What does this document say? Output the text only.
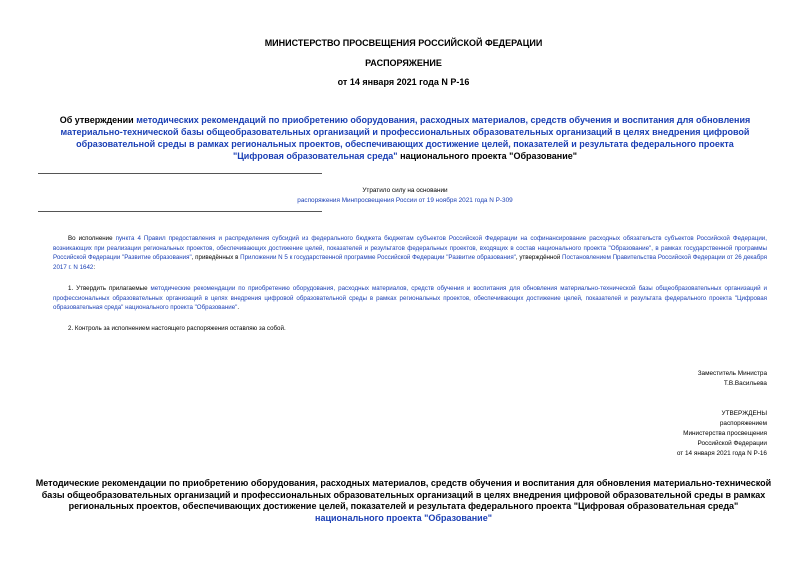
МИНИСТЕРСТВО ПРОСВЕЩЕНИЯ РОССИЙСКОЙ ФЕДЕРАЦИИ
РАСПОРЯЖЕНИЕ
от 14 января 2021 года N Р-16
Об утверждении методических рекомендаций по приобретению оборудования, расходных материалов, средств обучения и воспитания для обновления материально-технической базы общеобразовательных организаций и профессиональных образовательных организаций в целях внедрения цифровой образовательной среды в рамках региональных проектов, обеспечивающих достижение целей, показателей и результата федерального проекта "Цифровая образовательная среда" национального проекта "Образование"
Утратило силу на основании
распоряжения Минпросвещения России от 19 ноября 2021 года N Р-309
Во исполнение пункта 4 Правил предоставления и распределения субсидий из федерального бюджета бюджетам субъектов Российской Федерации на софинансирование расходных обязательств субъектов Российской Федерации, возникающих при реализации региональных проектов, обеспечивающих достижение целей, показателей и результатов федеральных проектов, входящих в состав национального проекта "Образование", в рамках государственной программы Российской Федерации "Развитие образования", приведённых в Приложении N 5 к государственной программе Российской Федерации "Развитие образования", утверждённой Постановлением Правительства Российской Федерации от 26 декабря 2017 г. N 1642:
1. Утвердить прилагаемые методические рекомендации по приобретению оборудования, расходных материалов, средств обучения и воспитания для обновления материально-технической базы общеобразовательных организаций и профессиональных образовательных организаций в целях внедрения цифровой образовательной среды в рамках региональных проектов, обеспечивающих достижение целей, показателей и результата федерального проекта "Цифровая образовательная среда" национального проекта "Образование".
2. Контроль за исполнением настоящего распоряжения оставляю за собой.
Заместитель Министра
Т.В.Васильева
УТВЕРЖДЕНЫ
распоряжением
Министерства просвещения
Российской Федерации
от 14 января 2021 года N Р-16
Методические рекомендации по приобретению оборудования, расходных материалов, средств обучения и воспитания для обновления материально-технической базы общеобразовательных организаций и профессиональных образовательных организаций в целях внедрения цифровой образовательной среды в рамках региональных проектов, обеспечивающих достижение целей, показателей и результата федерального проекта "Цифровая образовательная среда"
национального проекта "Образование"
